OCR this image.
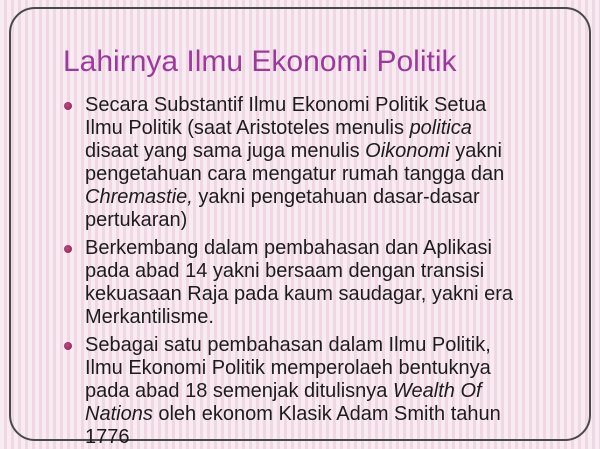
Lahirnya Ilmu Ekonomi Politik
Secara Substantif Ilmu Ekonomi Politik Setua
Ilmu Politik (saat Aristoteles menulis politica
disaat yang sama juga menulis Oikonomi yakni
pengetahuan cara mengatur rumah tangga dan
Chremastie, yakni pengetahuan dasar-dasar
pertukaran)
Berkembang dalam pembahasan dan Aplikasi
pada abad 14 yakni bersaam dengan transisi
kekuasaan Raja pada kaum saudagar, yakni era
Merkantilisme.
Sebagai satu pembahasan dalam Ilmu Politik,
Ilmu Ekonomi Politik memperolaeh bentuknya
pada abad 18 semenjak ditulisnya Wealth Of
Nations oleh ekonom Klasik Adam Smith tahun
1776
